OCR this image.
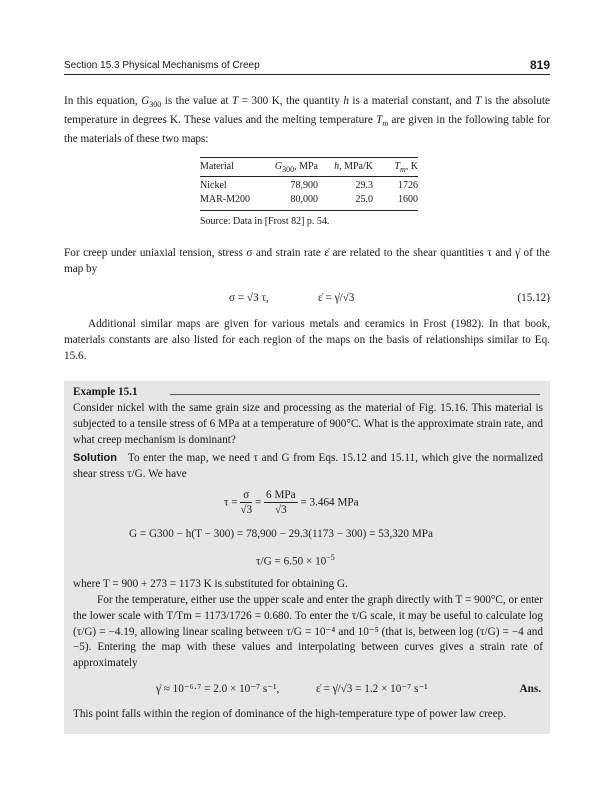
Section 15.3 Physical Mechanisms of Creep	819
In this equation, $G_{300}$ is the value at T = 300 K, the quantity h is a material constant, and T is the absolute temperature in degrees K. These values and the melting temperature $T_m$ are given in the following table for the materials of these two maps:
Material	$G_{300}$, MPa	h, MPa/K	$T_m$, K
Nickel	78,900	29.3	1726
MAR-M200	80,000	25.0	1600
Source: Data in [Frost 82] p. 54.
For creep under uniaxial tension, stress σ and strain rate ε̇ are related to the shear quantities τ and γ̇ of the map by
σ = √3 τ,	ε̇ = γ̇/√3	(15.12)
Additional similar maps are given for various metals and ceramics in Frost (1982). In that book, materials constants are also listed for each region of the maps on the basis of relationships similar to Eq. 15.6.
Example 15.1
Consider nickel with the same grain size and processing as the material of Fig. 15.16. This material is subjected to a tensile stress of 6 MPa at a temperature of 900°C. What is the approximate strain rate, and what creep mechanism is dominant?
Solution To enter the map, we need τ and G from Eqs. 15.12 and 15.11, which give the normalized shear stress τ/G. We have
$\tau = \frac{\sigma}{√3} = \frac{\text{6 MPa}}{√3} = 3.464$ MPa
G = G300 − h(T − 300) = 78,900 − 29.3(1173 − 300) = 53,320 MPa
$\tau/G = 6.50 \times 10^{-5}$
where T = 900 + 273 = 1173 K is substituted for obtaining G.
For the temperature, either use the upper scale and enter the graph directly with T = 900°C, or enter the lower scale with T/Tm = 1173/1726 = 0.680. To enter the τ/G scale, it may be useful to calculate log (τ/G) = −4.19, allowing linear scaling between τ/G = 10⁻⁴ and 10⁻⁵ (that is, between log (τ/G) = −4 and −5). Entering the map with these values and interpolating between curves gives a strain rate of approximately
γ̇ ≈ 10⁻⁶·⁷ = 2.0 × 10⁻⁷ s⁻¹,	ε̇ = γ̇/√3 = 1.2 × 10⁻⁷ s⁻¹	Ans.
This point falls within the region of dominance of the high-temperature type of power law creep.
